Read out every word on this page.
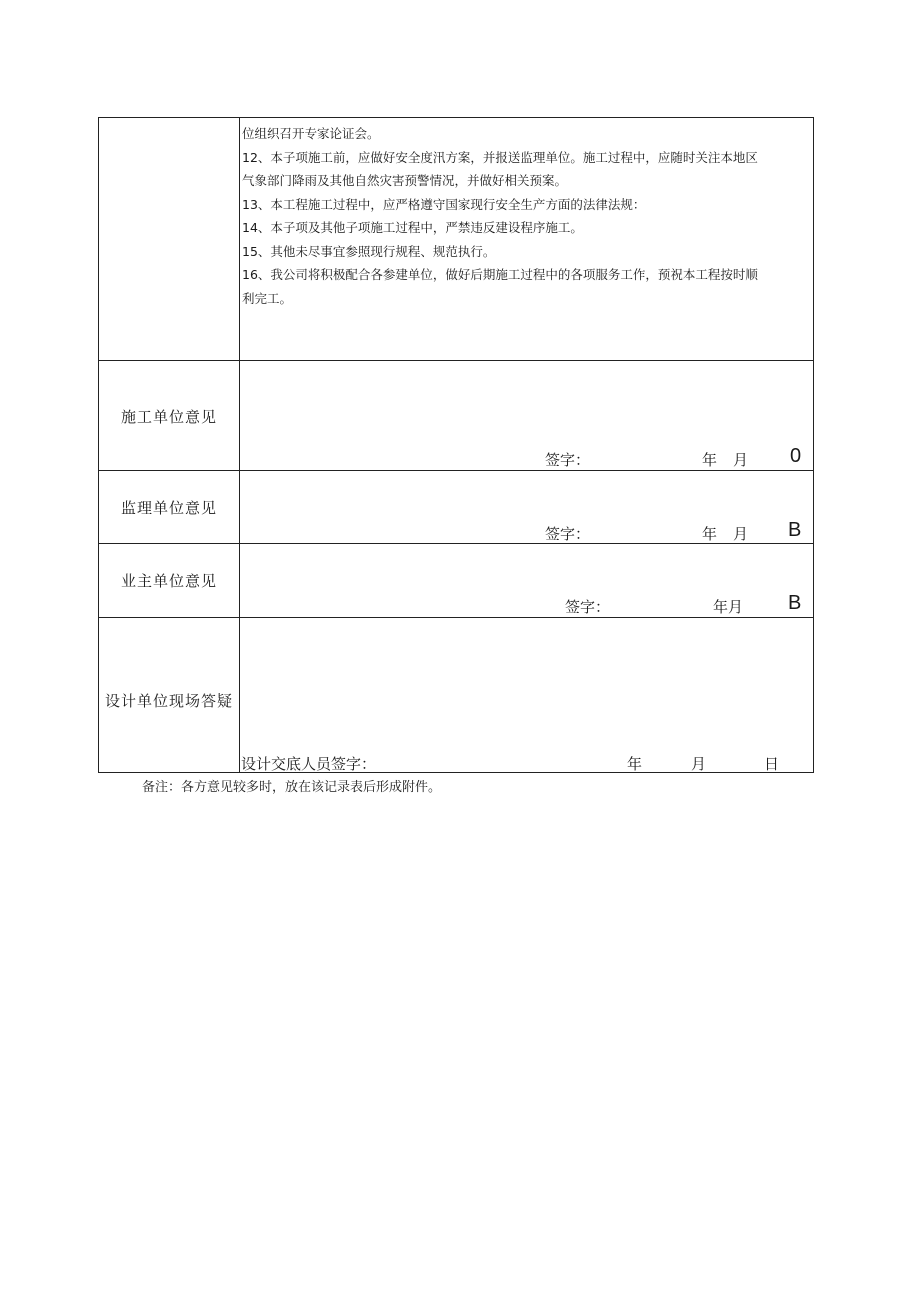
位组织召开专家论证会。
12、本子项施工前，应做好安全度汛方案，并报送监理单位。施工过程中，应随时关注本地区
气象部门降雨及其他自然灾害预警情况，并做好相关预案。
13、本工程施工过程中，应严格遵守国家现行安全生产方面的法律法规：
14、本子项及其他子项施工过程中，严禁违反建设程序施工。
15、其他未尽事宜参照现行规程、规范执行。
16、我公司将积极配合各参建单位，做好后期施工过程中的各项服务工作，预祝本工程按时顺
利完工。
施工单位意见
签字：	年 月 0
监理单位意见
签字：	年 月 B
业主单位意见
签字：	年月 B
设计单位现场答疑
设计交底人员签字：	年	月	日
备注：各方意见较多时，放在该记录表后形成附件。
